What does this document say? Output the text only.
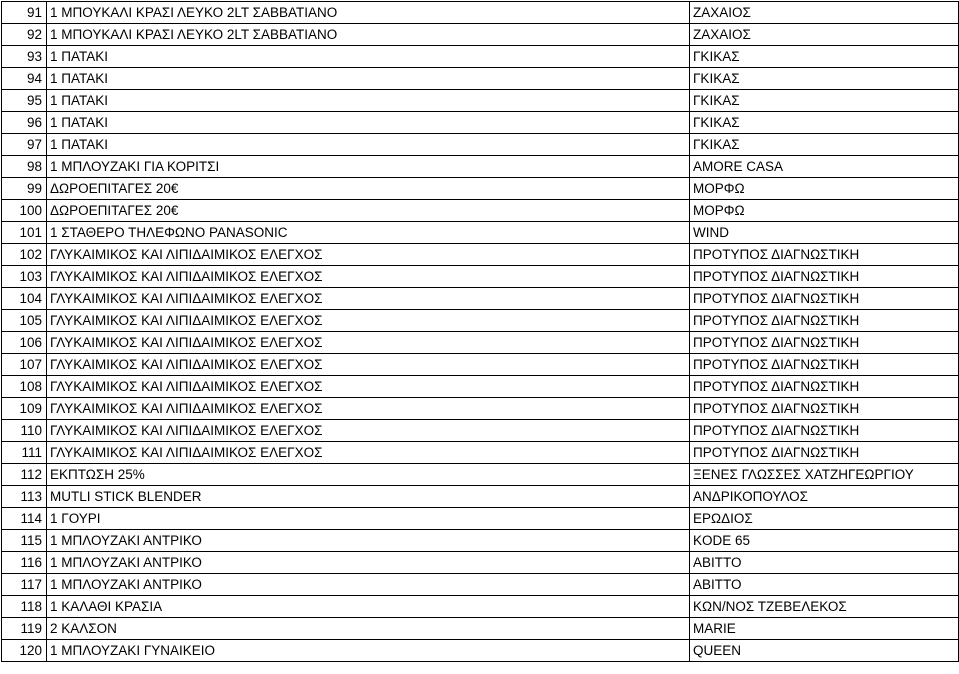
91	1 ΜΠΟΥΚΑΛΙ ΚΡΑΣΙ ΛΕΥΚΟ 2LT ΣΑΒΒΑΤΙΑΝΟ	ΖΑΧΑΙΟΣ
92	1 ΜΠΟΥΚΑΛΙ ΚΡΑΣΙ ΛΕΥΚΟ 2LT ΣΑΒΒΑΤΙΑΝΟ	ΖΑΧΑΙΟΣ
93	1 ΠΑΤΑΚΙ	ΓΚΙΚΑΣ
94	1 ΠΑΤΑΚΙ	ΓΚΙΚΑΣ
95	1 ΠΑΤΑΚΙ	ΓΚΙΚΑΣ
96	1 ΠΑΤΑΚΙ	ΓΚΙΚΑΣ
97	1 ΠΑΤΑΚΙ	ΓΚΙΚΑΣ
98	1 ΜΠΛΟΥΖΑΚΙ ΓΙΑ ΚΟΡΙΤΣΙ	AMORE CASA
99	ΔΩΡΟΕΠΙΤΑΓΕΣ 20€	ΜΟΡΦΩ
100	ΔΩΡΟΕΠΙΤΑΓΕΣ 20€	ΜΟΡΦΩ
101	1 ΣΤΑΘΕΡΟ ΤΗΛΕΦΩΝΟ PANASONIC	WIND
102	ΓΛΥΚΑΙΜΙΚΟΣ ΚΑΙ ΛΙΠΙΔΑΙΜΙΚΟΣ ΕΛΕΓΧΟΣ	ΠΡΟΤΥΠΟΣ ΔΙΑΓΝΩΣΤΙΚΗ
103	ΓΛΥΚΑΙΜΙΚΟΣ ΚΑΙ ΛΙΠΙΔΑΙΜΙΚΟΣ ΕΛΕΓΧΟΣ	ΠΡΟΤΥΠΟΣ ΔΙΑΓΝΩΣΤΙΚΗ
104	ΓΛΥΚΑΙΜΙΚΟΣ ΚΑΙ ΛΙΠΙΔΑΙΜΙΚΟΣ ΕΛΕΓΧΟΣ	ΠΡΟΤΥΠΟΣ ΔΙΑΓΝΩΣΤΙΚΗ
105	ΓΛΥΚΑΙΜΙΚΟΣ ΚΑΙ ΛΙΠΙΔΑΙΜΙΚΟΣ ΕΛΕΓΧΟΣ	ΠΡΟΤΥΠΟΣ ΔΙΑΓΝΩΣΤΙΚΗ
106	ΓΛΥΚΑΙΜΙΚΟΣ ΚΑΙ ΛΙΠΙΔΑΙΜΙΚΟΣ ΕΛΕΓΧΟΣ	ΠΡΟΤΥΠΟΣ ΔΙΑΓΝΩΣΤΙΚΗ
107	ΓΛΥΚΑΙΜΙΚΟΣ ΚΑΙ ΛΙΠΙΔΑΙΜΙΚΟΣ ΕΛΕΓΧΟΣ	ΠΡΟΤΥΠΟΣ ΔΙΑΓΝΩΣΤΙΚΗ
108	ΓΛΥΚΑΙΜΙΚΟΣ ΚΑΙ ΛΙΠΙΔΑΙΜΙΚΟΣ ΕΛΕΓΧΟΣ	ΠΡΟΤΥΠΟΣ ΔΙΑΓΝΩΣΤΙΚΗ
109	ΓΛΥΚΑΙΜΙΚΟΣ ΚΑΙ ΛΙΠΙΔΑΙΜΙΚΟΣ ΕΛΕΓΧΟΣ	ΠΡΟΤΥΠΟΣ ΔΙΑΓΝΩΣΤΙΚΗ
110	ΓΛΥΚΑΙΜΙΚΟΣ ΚΑΙ ΛΙΠΙΔΑΙΜΙΚΟΣ ΕΛΕΓΧΟΣ	ΠΡΟΤΥΠΟΣ ΔΙΑΓΝΩΣΤΙΚΗ
111	ΓΛΥΚΑΙΜΙΚΟΣ ΚΑΙ ΛΙΠΙΔΑΙΜΙΚΟΣ ΕΛΕΓΧΟΣ	ΠΡΟΤΥΠΟΣ ΔΙΑΓΝΩΣΤΙΚΗ
112	ΕΚΠΤΩΣΗ 25%	ΞΕΝΕΣ ΓΛΩΣΣΕΣ ΧΑΤΖΗΓΕΩΡΓΙΟΥ
113	MUTLI STICK BLENDER	ΑΝΔΡΙΚΟΠΟΥΛΟΣ
114	1 ΓΟΥΡΙ	ΕΡΩΔΙΟΣ
115	1 ΜΠΛΟΥΖΑΚΙ ΑΝΤΡΙΚΟ	KODE 65
116	1 ΜΠΛΟΥΖΑΚΙ ΑΝΤΡΙΚΟ	ΑΒΙΤΤΟ
117	1 ΜΠΛΟΥΖΑΚΙ ΑΝΤΡΙΚΟ	ΑΒΙΤΤΟ
118	1 ΚΑΛΑΘΙ ΚΡΑΣΙΑ	ΚΩΝ/ΝΟΣ ΤΖΕΒΕΛΕΚΟΣ
119	2 ΚΑΛΣΟΝ	MARIE
120	1 ΜΠΛΟΥΖΑΚΙ ΓΥΝΑΙΚΕΙΟ	QUEEN
